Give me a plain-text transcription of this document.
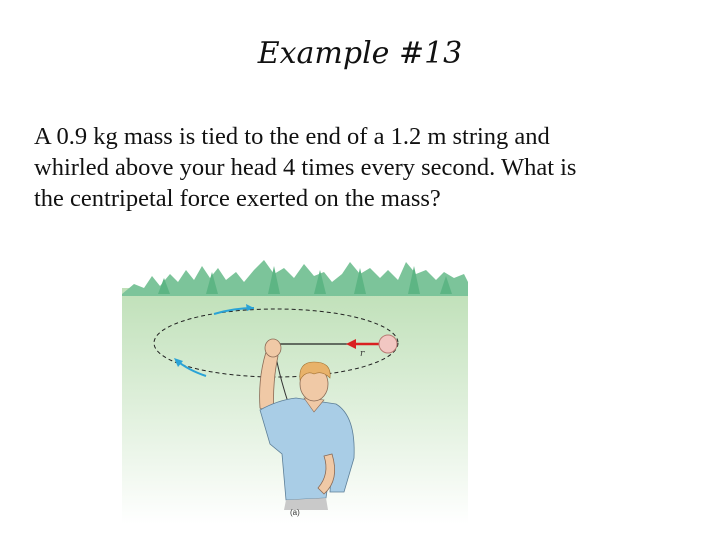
Example #13
A 0.9 kg mass is tied to the end of a 1.2 m string and
whirled above your head 4 times every second. What is
the centripetal force exerted on the mass?
r
(a)
